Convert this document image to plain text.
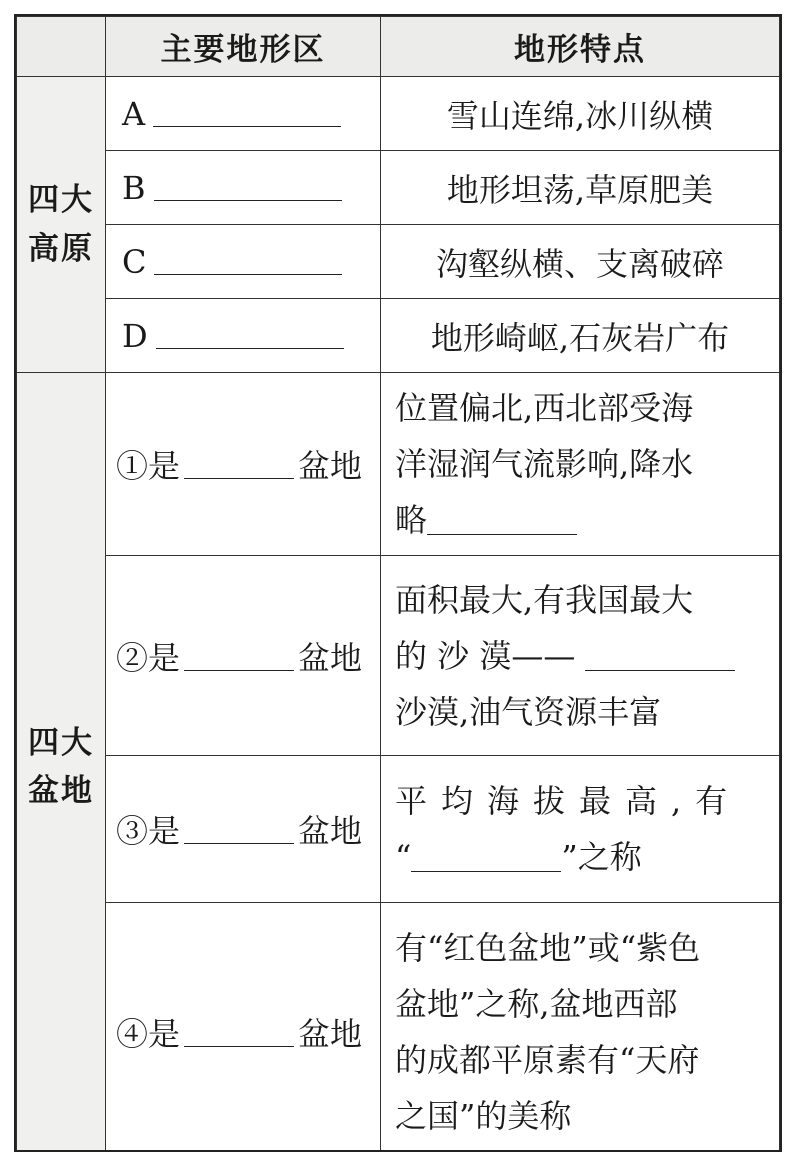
	主要地形区	地形特点

四大
高原	A	雪山连绵,冰川纵横
	B	地形坦荡,草原肥美
	C	沟壑纵横、支离破碎
	D	地形崎岖,石灰岩广布

四大
盆地	①是 盆地	位置偏北,西北部受海
洋湿润气流影响,降水
略

	②是 盆地	面积最大,有我国最大
的 沙 漠——
沙漠,油气资源丰富

	③是 盆地	平均海拔最高,有
“ ”之称

	④是 盆地	有“红色盆地”或“紫色
盆地”之称,盆地西部
的成都平原素有“天府
之国”的美称
